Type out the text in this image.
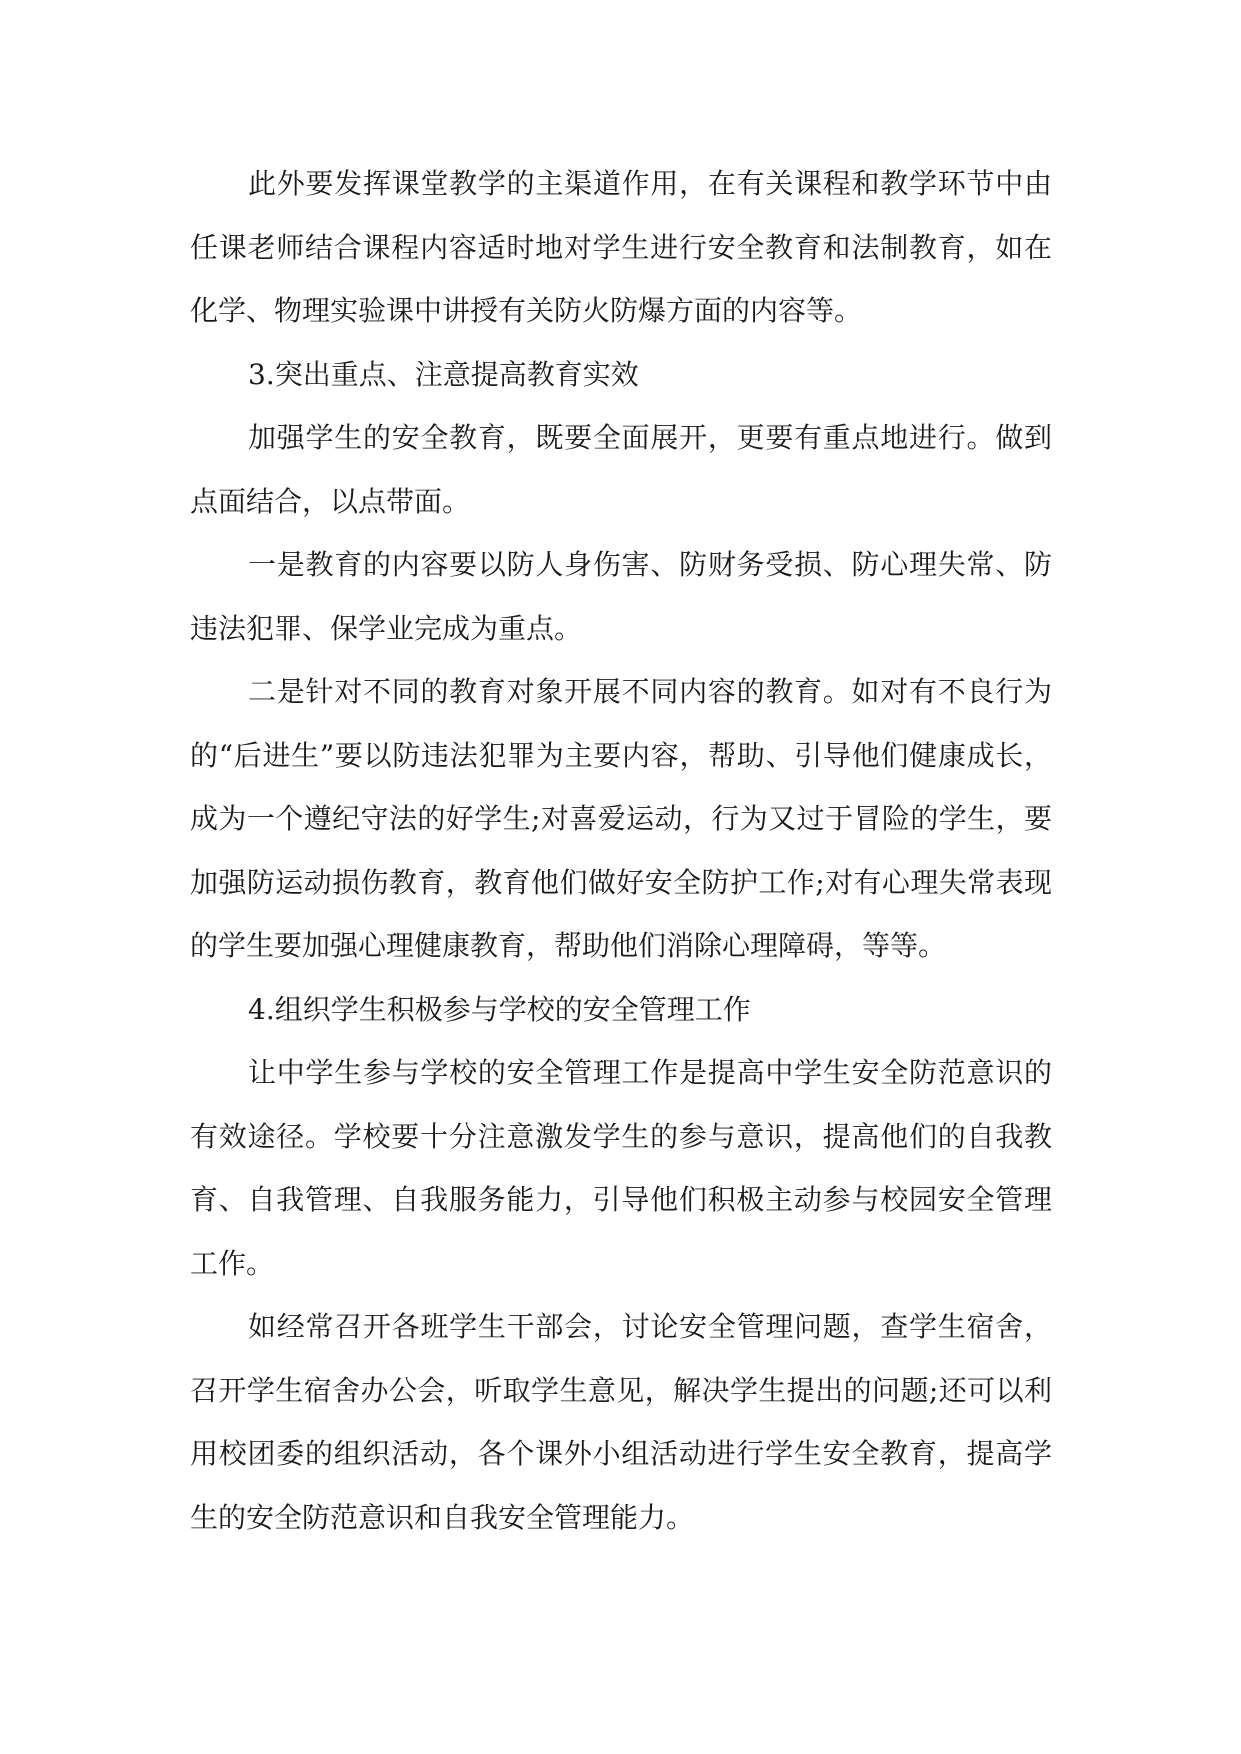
此外要发挥课堂教学的主渠道作用，在有关课程和教学环节中由任课老师结合课程内容适时地对学生进行安全教育和法制教育，如在化学、物理实验课中讲授有关防火防爆方面的内容等。

3.突出重点、注意提高教育实效

加强学生的安全教育，既要全面展开，更要有重点地进行。做到点面结合，以点带面。

一是教育的内容要以防人身伤害、防财务受损、防心理失常、防违法犯罪、保学业完成为重点。

二是针对不同的教育对象开展不同内容的教育。如对有不良行为的“后进生”要以防违法犯罪为主要内容，帮助、引导他们健康成长，成为一个遵纪守法的好学生;对喜爱运动，行为又过于冒险的学生，要加强防运动损伤教育，教育他们做好安全防护工作;对有心理失常表现的学生要加强心理健康教育，帮助他们消除心理障碍，等等。

4.组织学生积极参与学校的安全管理工作

让中学生参与学校的安全管理工作是提高中学生安全防范意识的有效途径。学校要十分注意激发学生的参与意识，提高他们的自我教育、自我管理、自我服务能力，引导他们积极主动参与校园安全管理工作。

如经常召开各班学生干部会，讨论安全管理问题，查学生宿舍，召开学生宿舍办公会，听取学生意见，解决学生提出的问题;还可以利用校团委的组织活动，各个课外小组活动进行学生安全教育，提高学生的安全防范意识和自我安全管理能力。
